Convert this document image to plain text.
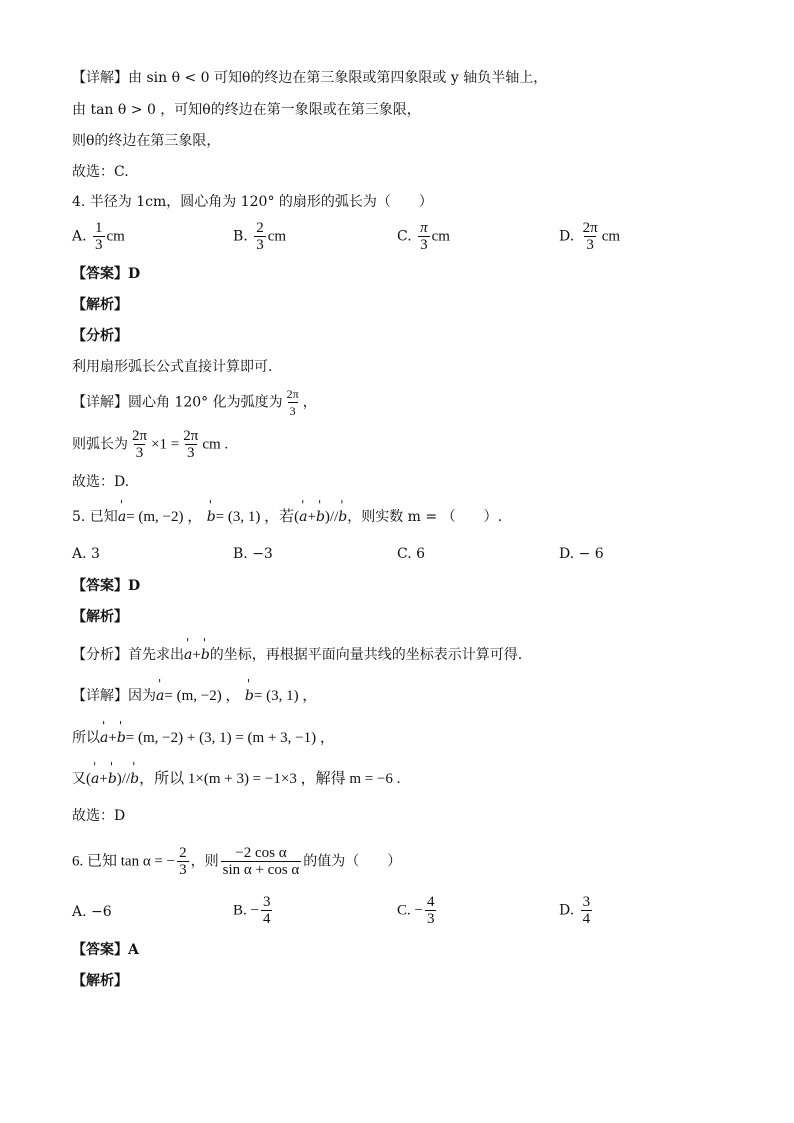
【详解】由 sin θ < 0 可知θ的终边在第三象限或第四象限或 y 轴负半轴上，
由 tan θ > 0 ，可知θ的终边在第一象限或在第三象限，
则θ的终边在第三象限，
故选：C.
4. 半径为 1cm，圆心角为 120° 的扇形的弧长为（　　）
A. $\frac{1}{3}$ cm	B. $\frac{2}{3}$ cm	C. $\frac{\pi}{3}$ cm	D. $\frac{2\pi}{3}$ cm
【答案】D
【解析】
【分析】
利用扇形弧长公式直接计算即可.
【详解】圆心角 120° 化为弧度为 $\frac{2\pi}{3}$ ，
则弧长为 $\frac{2\pi}{3} \times 1 = \frac{2\pi}{3}$ cm .
故选：D.
5. 已知' a= (m, −2) ， ' b= (3, 1) ，若(' a+' b)//' b，则实数 m = （　　）.
A. 3	B. −3	C. 6	D. − 6
【答案】D
【解析】
【分析】首先求出' a+' b的坐标，再根据平面向量共线的坐标表示计算可得.
【详解】因为' a= (m, −2) ， ' b= (3, 1) ，
所以' a+' b= (m, −2) + (3, 1) = (m + 3, −1) ，
又(' a+' b)//' b，所以 1×(m + 3) = −1×3 ，解得 m = −6 .
故选：D
6. 已知 tan α = − $\frac{2}{3}$ ，则 $\frac{\text{−2 cos α}}{\text{sin α + cos α}}$ 的值为（　　）
A. −6	B. − $\frac{3}{4}$	C. − $\frac{4}{3}$	D. $\frac{3}{4}$
【答案】A
【解析】
